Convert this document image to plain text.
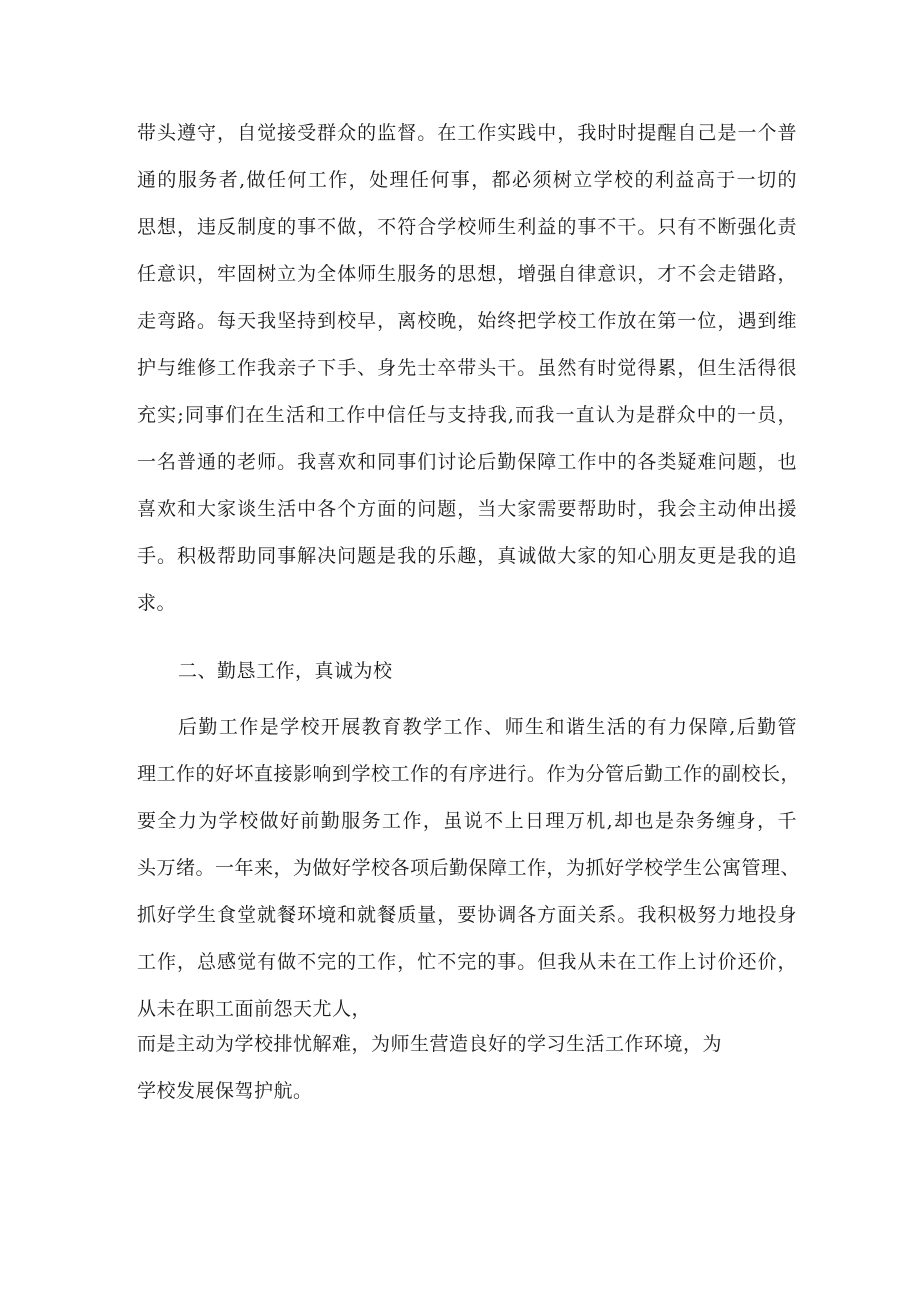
带头遵守，自觉接受群众的监督。在工作实践中，我时时提醒自己是一个普
通的服务者,做任何工作，处理任何事，都必须树立学校的利益高于一切的
思想，违反制度的事不做，不符合学校师生利益的事不干。只有不断强化责
任意识，牢固树立为全体师生服务的思想，增强自律意识，才不会走错路，
走弯路。每天我坚持到校早，离校晚，始终把学校工作放在第一位，遇到维
护与维修工作我亲子下手、身先士卒带头干。虽然有时觉得累，但生活得很
充实;同事们在生活和工作中信任与支持我,而我一直认为是群众中的一员，
一名普通的老师。我喜欢和同事们讨论后勤保障工作中的各类疑难问题，也
喜欢和大家谈生活中各个方面的问题，当大家需要帮助时，我会主动伸出援
手。积极帮助同事解决问题是我的乐趣，真诚做大家的知心朋友更是我的追
求。
二、勤恳工作，真诚为校
后勤工作是学校开展教育教学工作、师生和谐生活的有力保障,后勤管
理工作的好坏直接影响到学校工作的有序进行。作为分管后勤工作的副校长，
要全力为学校做好前勤服务工作，虽说不上日理万机,却也是杂务缠身，千
头万绪。一年来，为做好学校各项后勤保障工作，为抓好学校学生公寓管理、
抓好学生食堂就餐环境和就餐质量，要协调各方面关系。我积极努力地投身
工作，总感觉有做不完的工作，忙不完的事。但我从未在工作上讨价还价，
从未在职工面前怨天尤人，
而是主动为学校排忧解难，为师生营造良好的学习生活工作环境，为
学校发展保驾护航。
